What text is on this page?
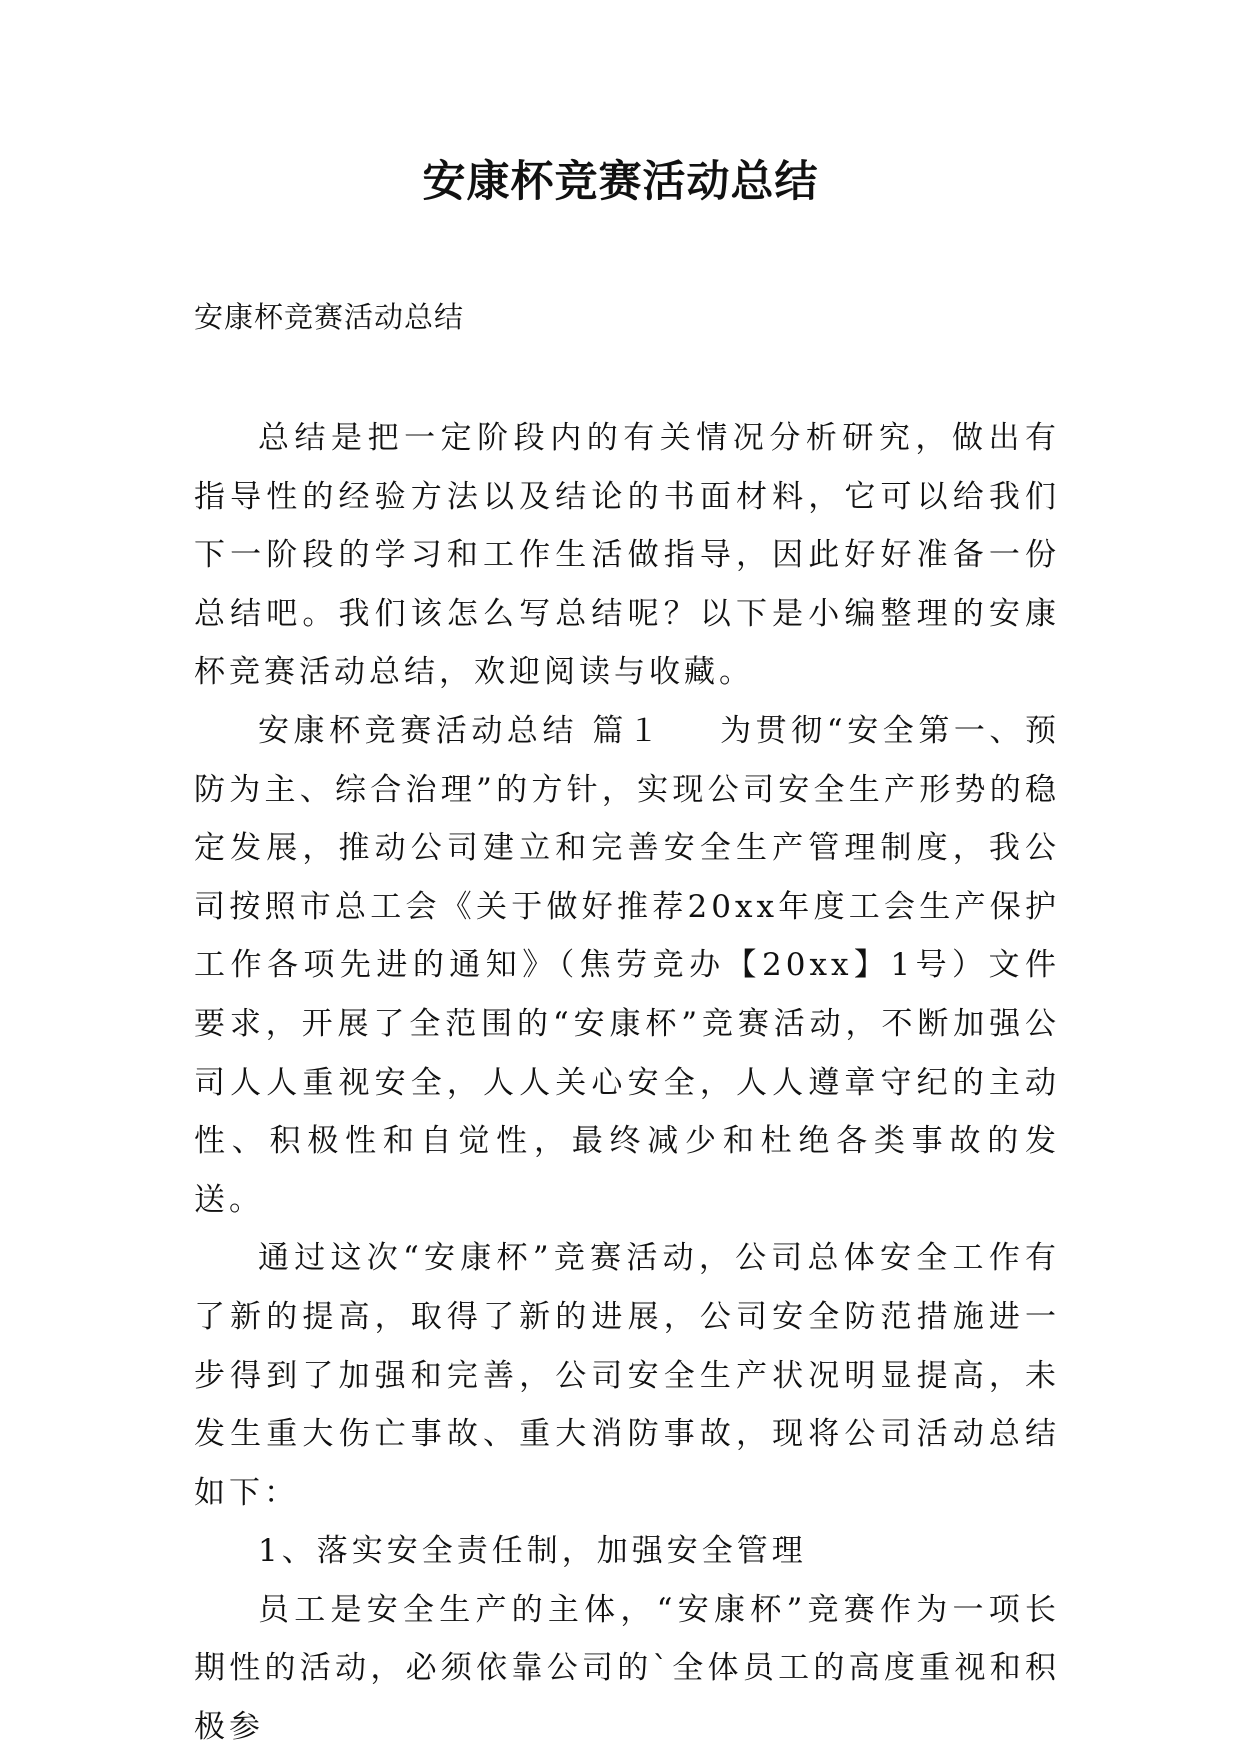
安康杯竞赛活动总结
安康杯竞赛活动总结

总结是把一定阶段内的有关情况分析研究，做出有指导性的经验方法以及结论的书面材料，它可以给我们下一阶段的学习和工作生活做指导，因此好好准备一份总结吧。我们该怎么写总结呢？以下是小编整理的安康杯竞赛活动总结，欢迎阅读与收藏。

安康杯竞赛活动总结 篇１ 为贯彻“安全第一、预防为主、综合治理”的方针，实现公司安全生产形势的稳定发展，推动公司建立和完善安全生产管理制度，我公司按照市总工会《关于做好推荐20xx年度工会生产保护工作各项先进的通知》（焦劳竞办【20xx】1号）文件要求，开展了全范围的“安康杯”竞赛活动，不断加强公司人人重视安全，人人关心安全，人人遵章守纪的主动性、积极性和自觉性，最终减少和杜绝各类事故的发送。

通过这次“安康杯”竞赛活动，公司总体安全工作有了新的提高，取得了新的进展，公司安全防范措施进一步得到了加强和完善，公司安全生产状况明显提高，未发生重大伤亡事故、重大消防事故，现将公司活动总结如下：

1、落实安全责任制，加强安全管理

员工是安全生产的主体，“安康杯”竞赛作为一项长期性的活动，必须依靠公司的`全体员工的高度重视和积极参
